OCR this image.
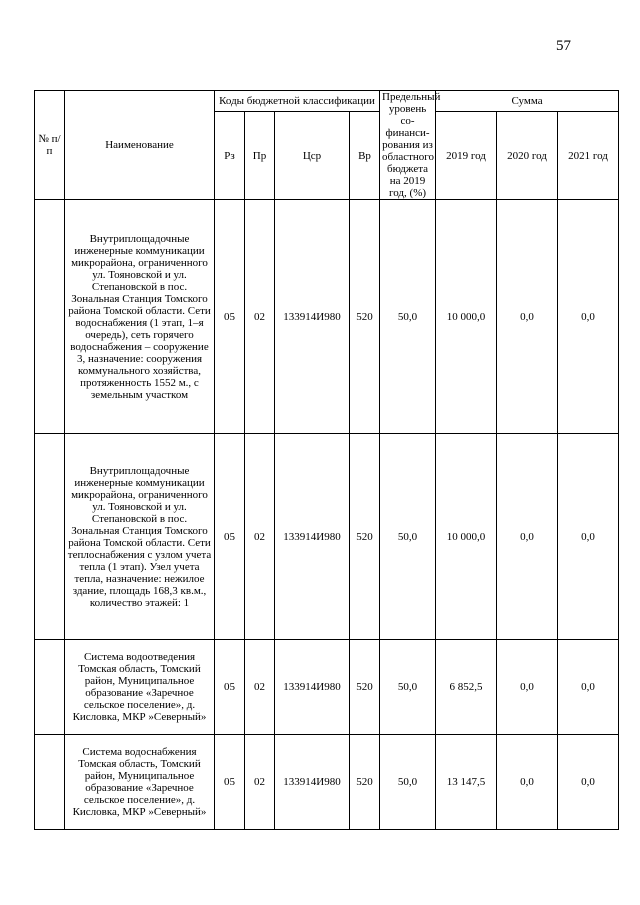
57
№ п/п	Наименование	Коды бюджетной классификации				Предельный уровень со-финанси-рования из областного бюджета на 2019 год, (%)	Сумма		
		Рз	Пр	Цср	Вр		2019 год	2020 год	2021 год
	Внутриплощадочные инженерные коммуникации микрорайона, ограниченного ул. Тояновской и ул. Степановской в пос. Зональная Станция Томского района Томской области. Сети водоснабжения (1 этап, 1–я очередь), сеть горячего водоснабжения – сооружение 3, назначение: сооружения коммунального хозяйства, протяженность 1552 м., с земельным участком	05	02	133914И980	520	50,0	10 000,0	0,0	0,0
	Внутриплощадочные инженерные коммуникации микрорайона, ограниченного ул. Тояновской и ул. Степановской в пос. Зональная Станция Томского района Томской области. Сети теплоснабжения с узлом учета тепла (1 этап). Узел учета тепла, назначение: нежилое здание, площадь 168,3 кв.м., количество этажей: 1	05	02	133914И980	520	50,0	10 000,0	0,0	0,0
	Система водоотведения Томская область, Томский район, Муниципальное образование «Заречное сельское поселение», д. Кисловка, МКР »Северный»	05	02	133914И980	520	50,0	6 852,5	0,0	0,0
	Система водоснабжения Томская область, Томский район, Муниципальное образование «Заречное сельское поселение», д. Кисловка, МКР »Северный»	05	02	133914И980	520	50,0	13 147,5	0,0	0,0
